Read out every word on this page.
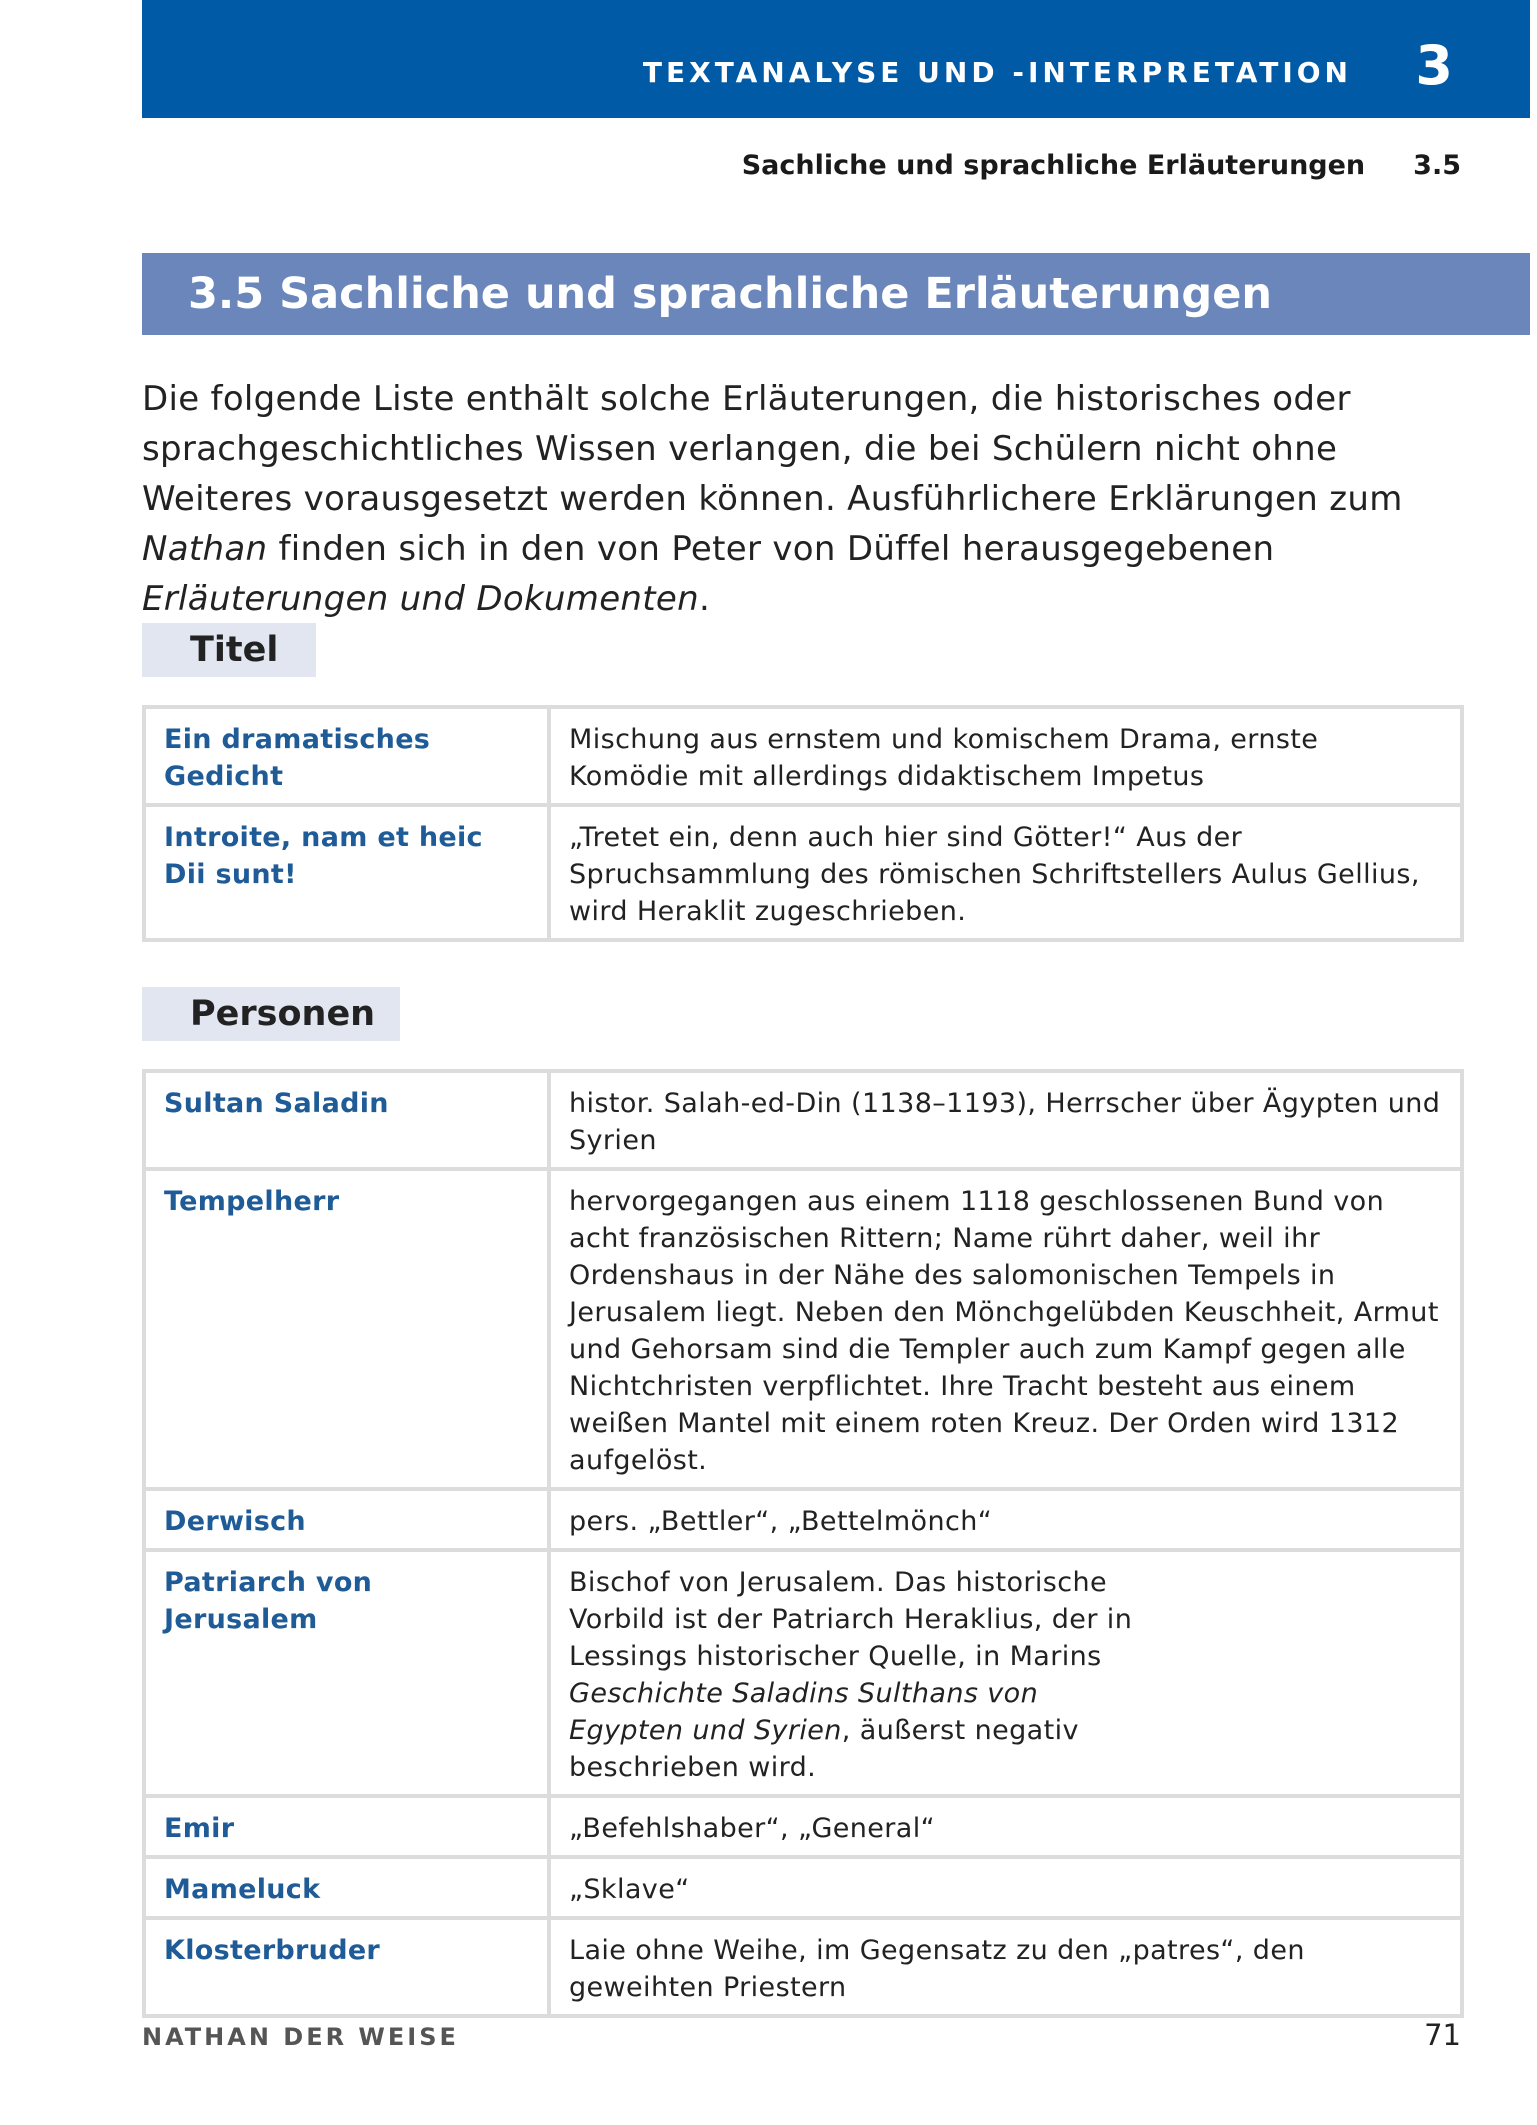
TEXTANALYSE UND -INTERPRETATION 3
Sachliche und sprachliche Erläuterungen 3.5
3.5 Sachliche und sprachliche Erläuterungen
Die folgende Liste enthält solche Erläuterungen, die historisches oder sprachgeschichtliches Wissen verlangen, die bei Schülern nicht ohne Weiteres vorausgesetzt werden können. Ausführlichere Erklärungen zum Nathan finden sich in den von Peter von Düffel herausgegebenen Erläuterungen und Dokumenten.
Titel
Ein dramatisches Gedicht	Mischung aus ernstem und komischem Drama, ernste Komödie mit allerdings didaktischem Impetus
Introite, nam et heic Dii sunt!	„Tretet ein, denn auch hier sind Götter!“ Aus der Spruchsammlung des römischen Schriftstellers Aulus Gellius, wird Heraklit zugeschrieben.
Personen
Sultan Saladin	histor. Salah-ed-Din (1138–1193), Herrscher über Ägypten und Syrien
Tempelherr	hervorgegangen aus einem 1118 geschlossenen Bund von acht französischen Rittern; Name rührt daher, weil ihr Ordenshaus in der Nähe des salomonischen Tempels in Jerusalem liegt. Neben den Mönchgelübden Keuschheit, Armut und Gehorsam sind die Templer auch zum Kampf gegen alle Nichtchristen verpflichtet. Ihre Tracht besteht aus einem weißen Mantel mit einem roten Kreuz. Der Orden wird 1312 aufgelöst.
Derwisch	pers. „Bettler“, „Bettelmönch“
Patriarch von Jerusalem	Bischof von Jerusalem. Das historische Vorbild ist der Patriarch Heraklius, der in Lessings historischer Quelle, in Marins Geschichte Saladins Sulthans von Egypten und Syrien, äußerst negativ beschrieben wird.
Emir	„Befehlshaber“, „General“
Mameluck	„Sklave“
Klosterbruder	Laie ohne Weihe, im Gegensatz zu den „patres“, den geweihten Priestern
NATHAN DER WEISE	71
